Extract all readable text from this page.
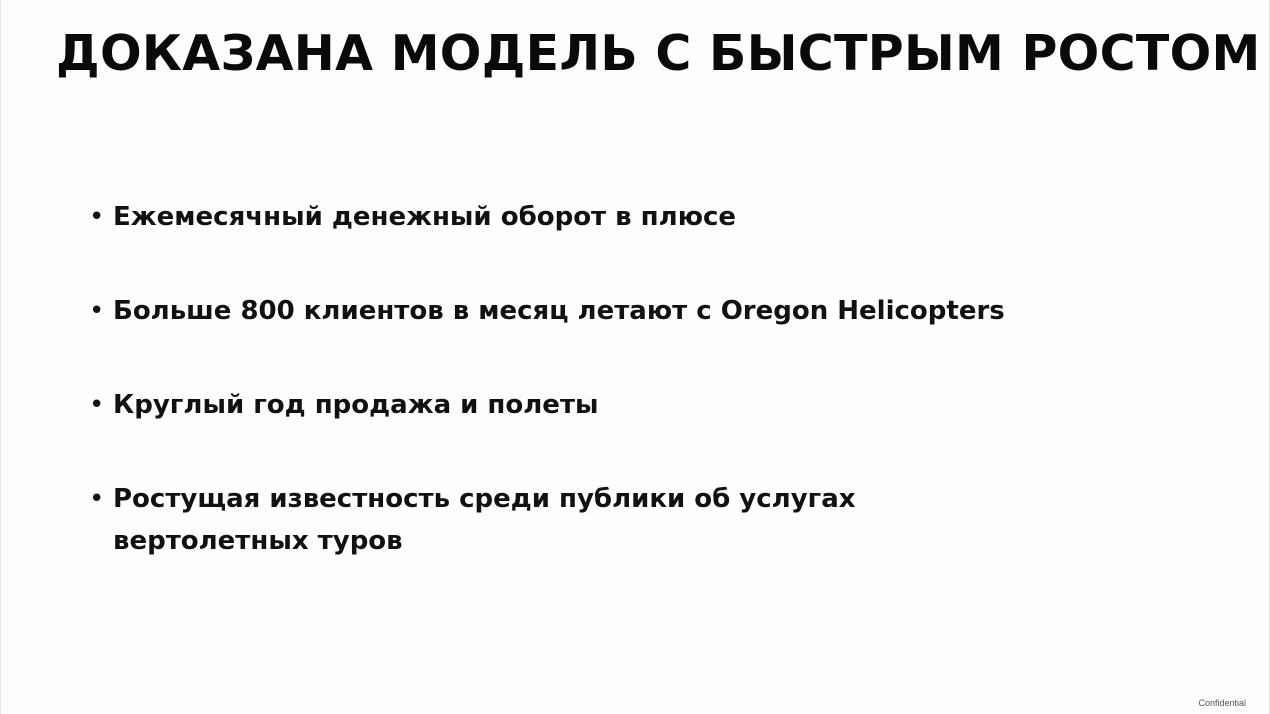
ДОКАЗАНА МОДЕЛЬ С БЫСТРЫМ РОСТОМ
• Ежемесячный денежный оборот в плюсе
• Больше 800 клиентов в месяц летают с Oregon Helicopters
• Круглый год продажа и полеты
• Ростущая известность среди публики об услугах вертолетных туров
Confidential
